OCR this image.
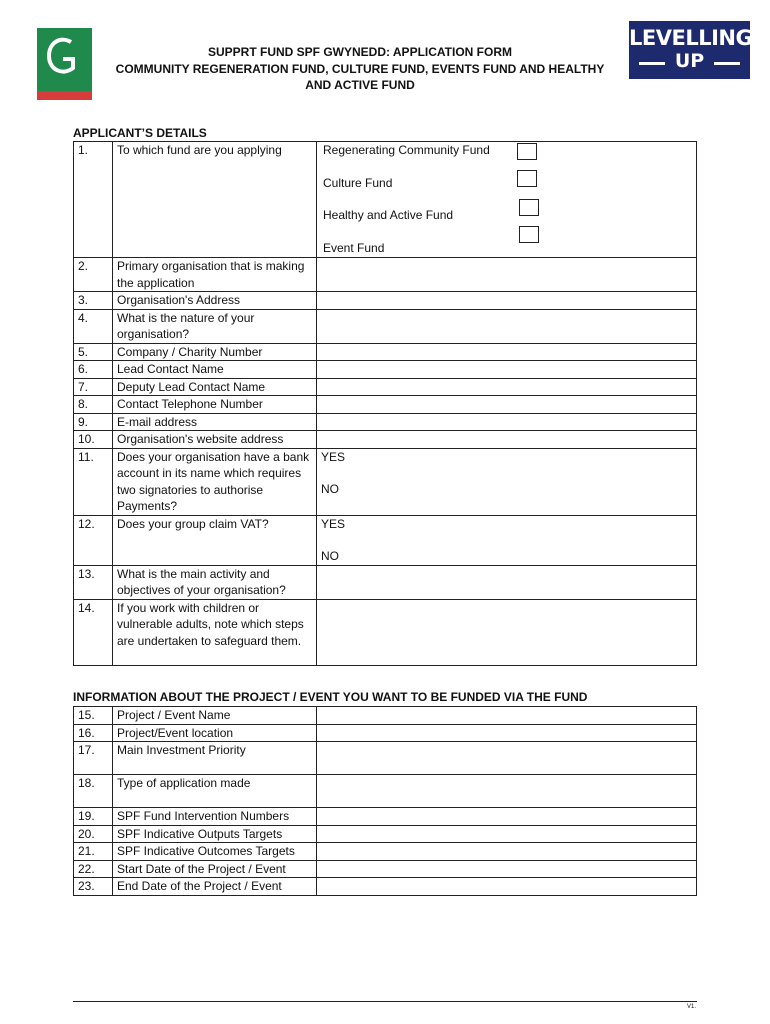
LEVELLING
UP
SUPPRT FUND SPF GWYNEDD: APPLICATION FORM
COMMUNITY REGENERATION FUND, CULTURE FUND, EVENTS FUND AND HEALTHY
AND ACTIVE FUND
APPLICANT’S DETAILS
1.	To which fund are you applying	Regenerating Community Fund
Culture Fund
Healthy and Active Fund
Event Fund

2.	Primary organisation that is making the application	
3.	Organisation's Address	
4.	What is the nature of your organisation?	
5.	Company / Charity Number	
6.	Lead Contact Name	
7.	Deputy Lead Contact Name	
8.	Contact Telephone Number	
9.	E-mail address	
10.	Organisation's website address	
11.	Does your organisation have a bank account in its name which requires two signatories to authorise Payments?	YES
NO

12.	Does your group claim VAT?	YES
NO

13.	What is the main activity and objectives of your organisation?	
14.	If you work with children or vulnerable adults, note which steps are undertaken to safeguard them.	
INFORMATION ABOUT THE PROJECT / EVENT YOU WANT TO BE FUNDED VIA THE FUND
15.	Project / Event Name	
16.	Project/Event location	
17.	Main Investment Priority	
18.	Type of application made	
19.	SPF Fund Intervention Numbers	
20.	SPF Indicative Outputs Targets	
21.	SPF Indicative Outcomes Targets	
22.	Start Date of the Project / Event	
23.	End Date of the Project / Event	
V1.
